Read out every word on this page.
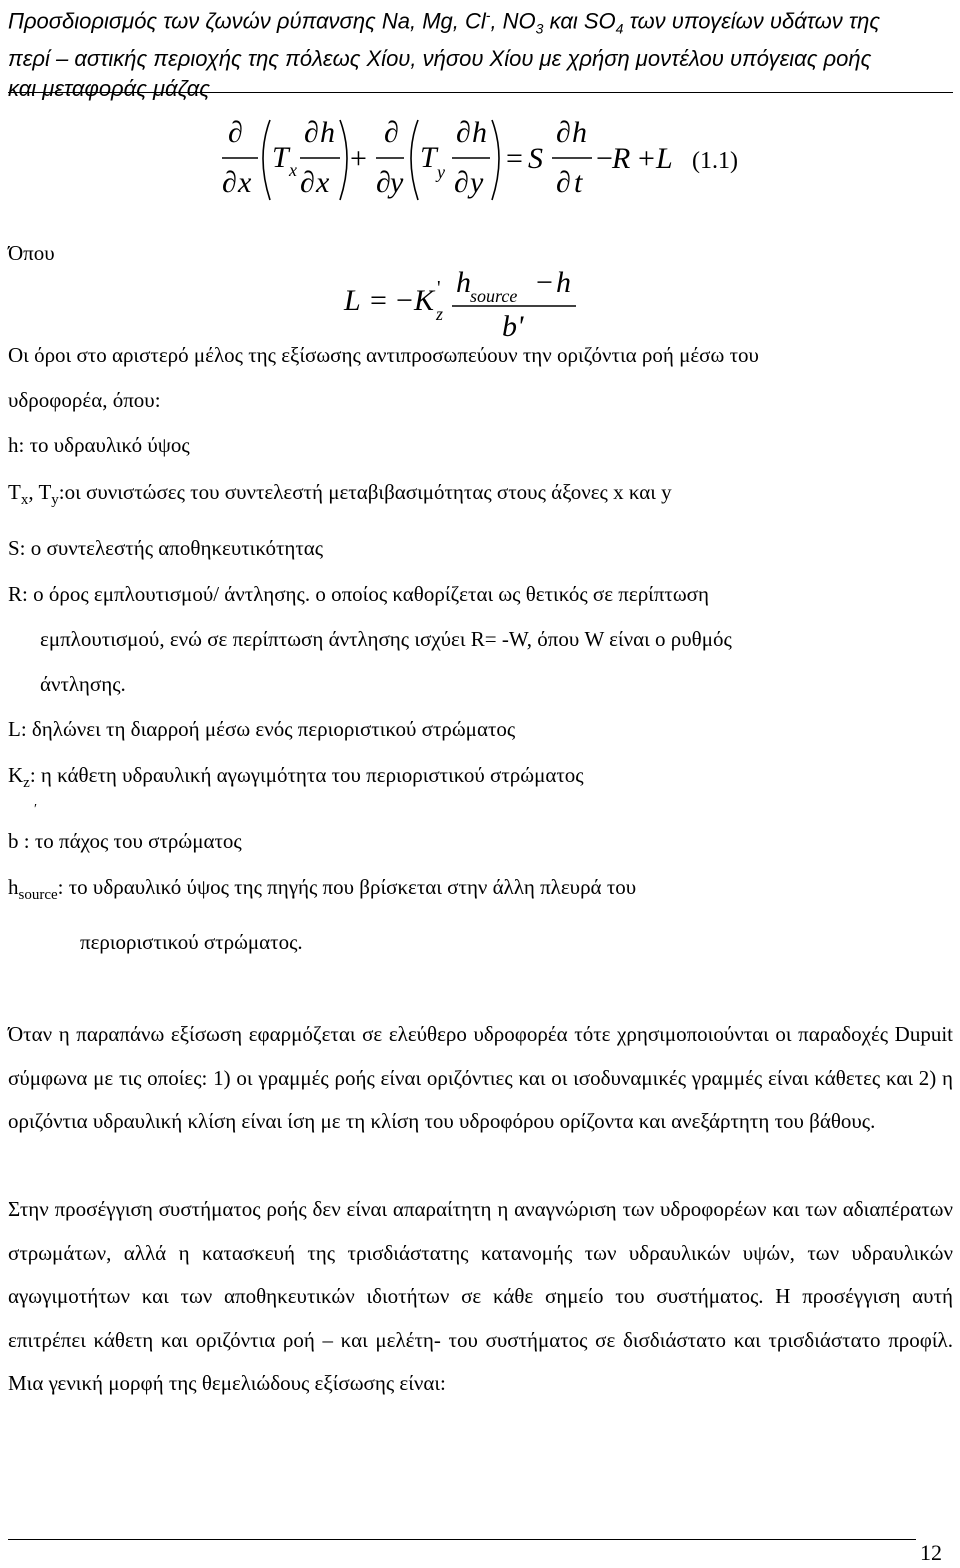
Προσδιορισμός των ζωνών ρύπανσης Na, Mg, Cl-, $NO_3$ και $SO_4$ των υπογείων υδάτων της
περί – αστικής περιοχής της πόλεως Χίου, νήσου Χίου με χρήση μοντέλου υπόγειας ροής
και μεταφοράς μάζας
∂
∂ x
T x
∂ h
∂ x
+
∂
∂ y
T y
∂ h
∂ y
= S
∂ h
∂ t
− R + L (1.1)
Όπου
L = − K '
z
h source − h
b'
Οι όροι στο αριστερό μέλος της εξίσωσης αντιπροσωπεύουν την οριζόντια ροή μέσω του
υδροφορέα, όπου:
h: το υδραυλικό ύψος
$T_x$, $T_y:o\iota$ συνιστώσες του συντελεστή μεταβιβασιμότητας στους άξονες x και y
S: ο συντελεστής αποθηκευτικότητας
R: ο όρος εμπλουτισμού/ άντλησης. ο οποίος καθορίζεται ως θετικός σε περίπτωση
εμπλουτισμού, ενώ σε περίπτωση άντλησης ισχύει R= -W, όπου W είναι ο ρυθμός
άντλησης.
L: δηλώνει τη διαρροή μέσω ενός περιοριστικού στρώματος
$K_z$: η κάθετη υδραυλική αγωγιμότητα του περιοριστικού στρώματος
′
b : το πάχος του στρώματος
$h_{source}$: το υδραυλικό ύψος της πηγής που βρίσκεται στην άλλη πλευρά του
περιοριστικού στρώματος.
Όταν η παραπάνω εξίσωση εφαρμόζεται σε ελεύθερο υδροφορέα τότε χρησιμοποιούνται οι παραδοχές Dupuit σύμφωνα με τις οποίες: 1) οι γραμμές ροής είναι οριζόντιες και οι ισοδυναμικές γραμμές είναι κάθετες και 2) η οριζόντια υδραυλική κλίση είναι ίση με τη κλίση του υδροφόρου ορίζοντα και ανεξάρτητη του βάθους.
Στην προσέγγιση συστήματος ροής δεν είναι απαραίτητη η αναγνώριση των υδροφορέων και των αδιαπέρατων στρωμάτων, αλλά η κατασκευή της τρισδιάστατης κατανομής των υδραυλικών υψών, των υδραυλικών αγωγιμοτήτων και των αποθηκευτικών ιδιοτήτων σε κάθε σημείο του συστήματος. Η προσέγγιση αυτή επιτρέπει κάθετη και οριζόντια ροή – και μελέτη- του συστήματος σε δισδιάστατο και τρισδιάστατο προφίλ. Μια γενική μορφή της θεμελιώδους εξίσωσης είναι:
12
